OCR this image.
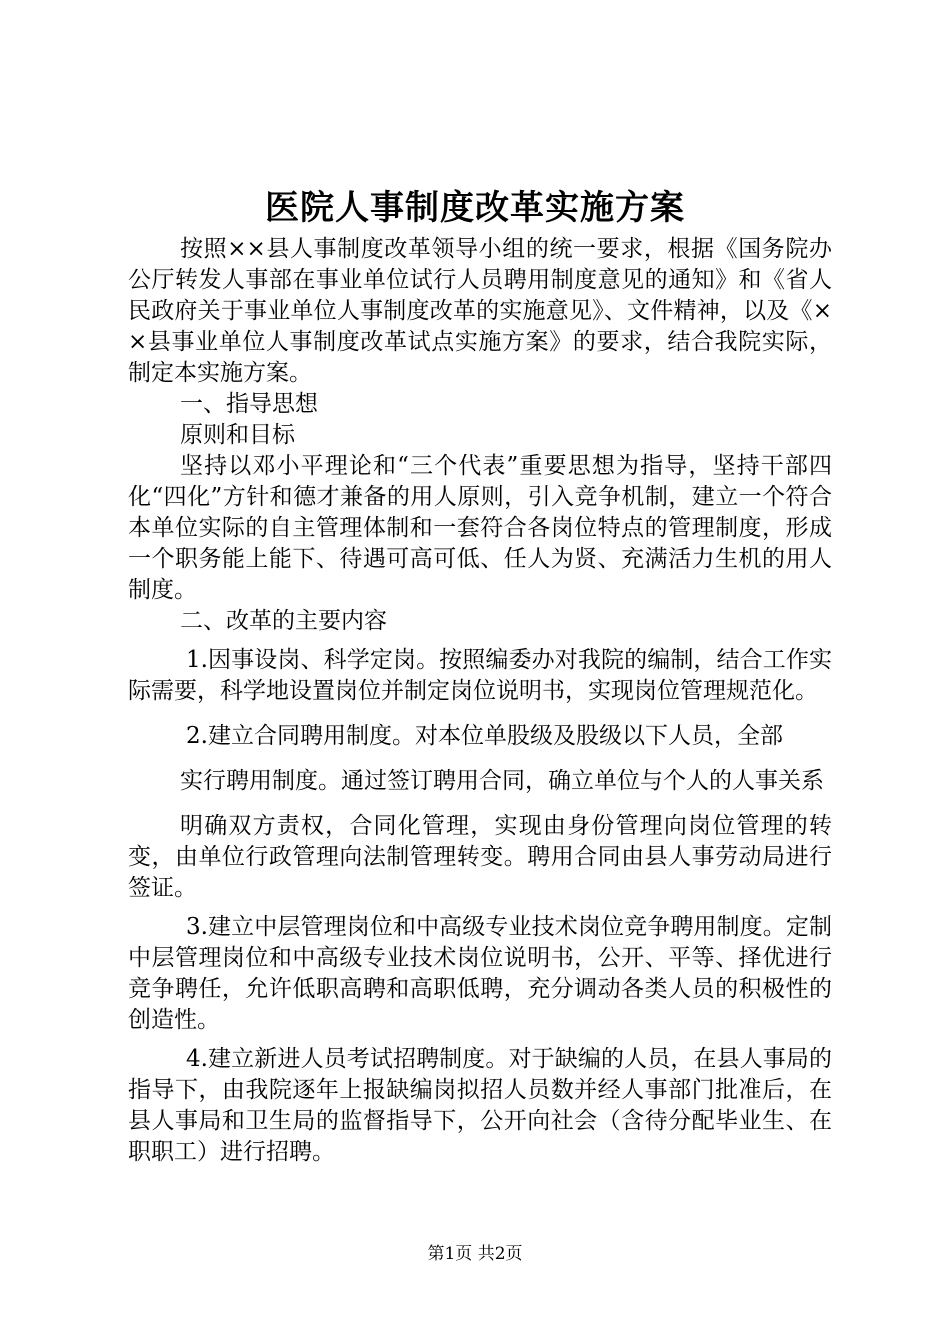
医院人事制度改革实施方案

按照××县人事制度改革领导小组的统一要求，根据《国务院办公厅转发人事部在事业单位试行人员聘用制度意见的通知》和《省人民政府关于事业单位人事制度改革的实施意见》、文件精神，以及《××县事业单位人事制度改革试点实施方案》的要求，结合我院实际，制定本实施方案。

一、指导思想

原则和目标

坚持以邓小平理论和“三个代表”重要思想为指导，坚持干部四化“四化”方针和德才兼备的用人原则，引入竞争机制，建立一个符合本单位实际的自主管理体制和一套符合各岗位特点的管理制度，形成一个职务能上能下、待遇可高可低、任人为贤、充满活力生机的用人制度。

二、改革的主要内容

1.因事设岗、科学定岗。按照编委办对我院的编制，结合工作实际需要，科学地设置岗位并制定岗位说明书，实现岗位管理规范化。

2.建立合同聘用制度。对本位单股级及股级以下人员，全部

实行聘用制度。通过签订聘用合同，确立单位与个人的人事关系

明确双方责权，合同化管理，实现由身份管理向岗位管理的转变，由单位行政管理向法制管理转变。聘用合同由县人事劳动局进行签证。

3.建立中层管理岗位和中高级专业技术岗位竞争聘用制度。定制中层管理岗位和中高级专业技术岗位说明书，公开、平等、择优进行竞争聘任，允许低职高聘和高职低聘，充分调动各类人员的积极性的创造性。

4.建立新进人员考试招聘制度。对于缺编的人员，在县人事局的指导下，由我院逐年上报缺编岗拟招人员数并经人事部门批准后，在县人事局和卫生局的监督指导下，公开向社会（含待分配毕业生、在职职工）进行招聘。

第1页 共2页
